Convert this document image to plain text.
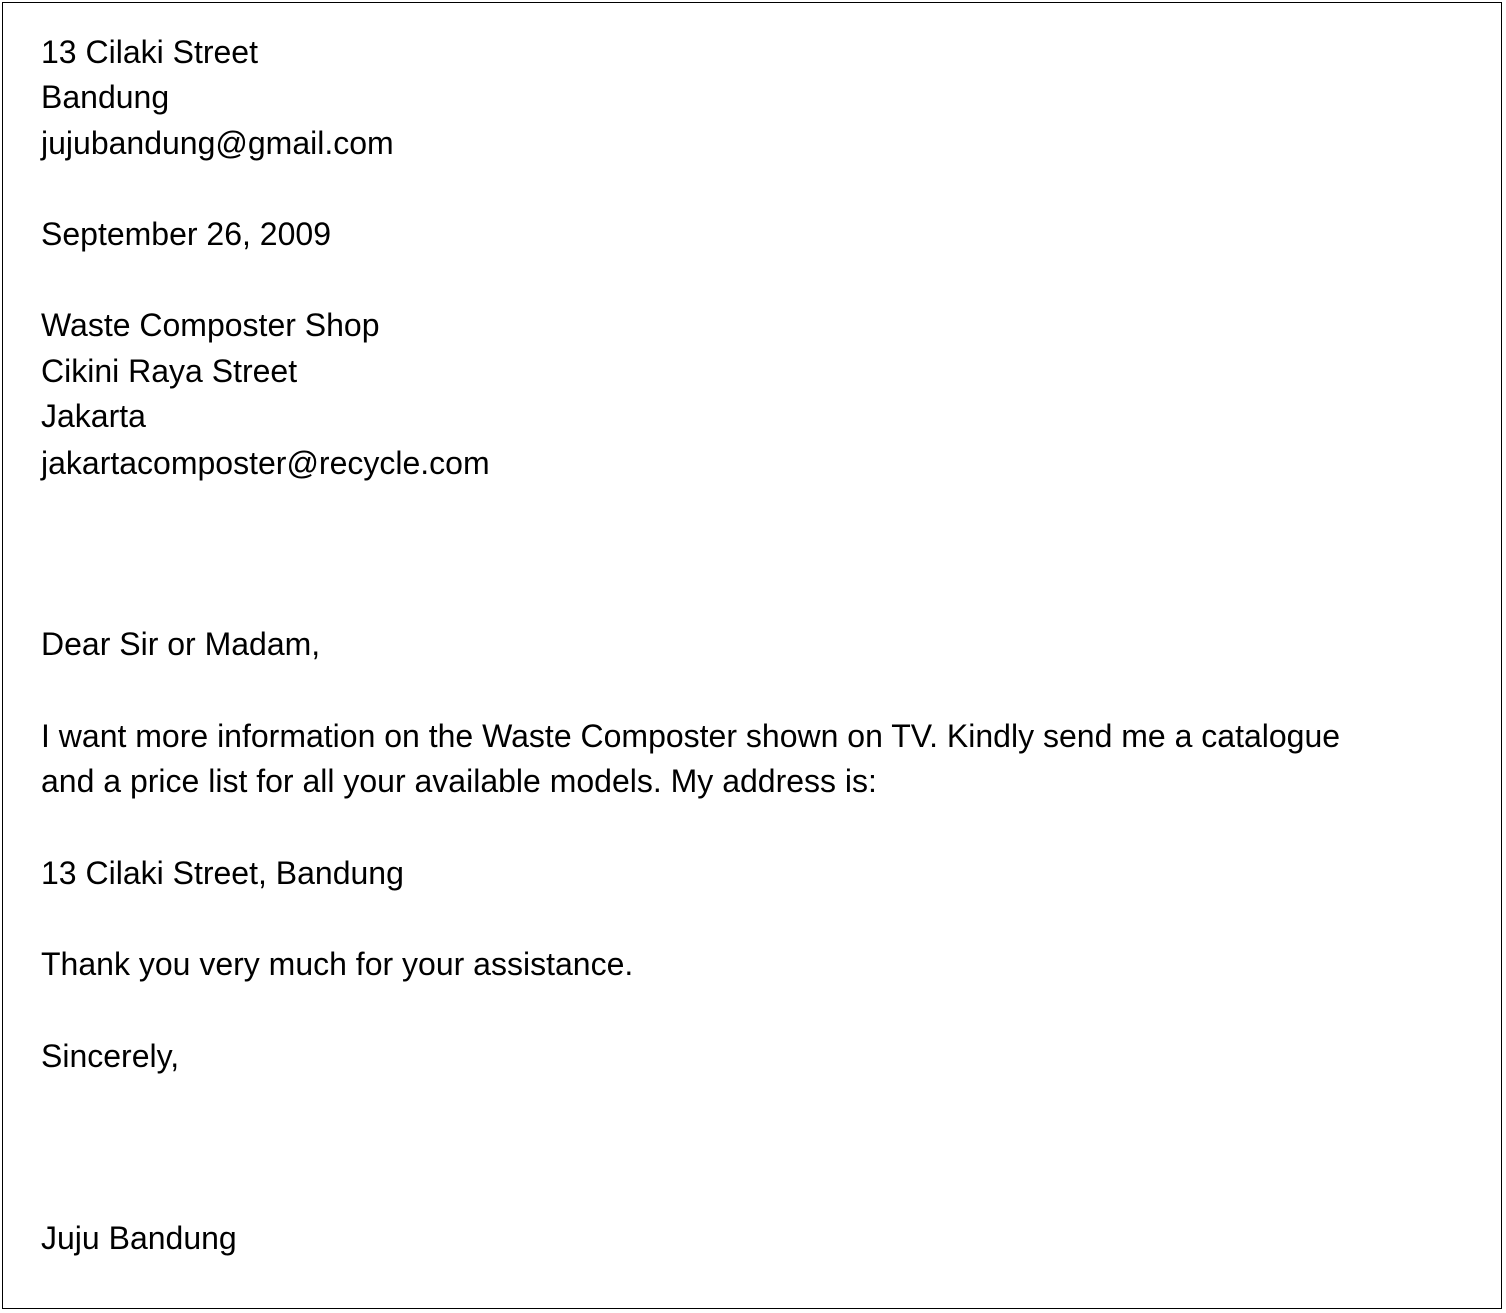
13 Cilaki Street

Bandung

jujubandung@gmail.com

September 26, 2009

Waste Composter Shop

Cikini Raya Street

Jakarta

jakartacomposter@recycle.com

Dear Sir or Madam,

I want more information on the Waste Composter shown on TV. Kindly send me a catalogue

and a price list for all your available models. My address is:

13 Cilaki Street, Bandung

Thank you very much for your assistance.

Sincerely,

Juju Bandung
